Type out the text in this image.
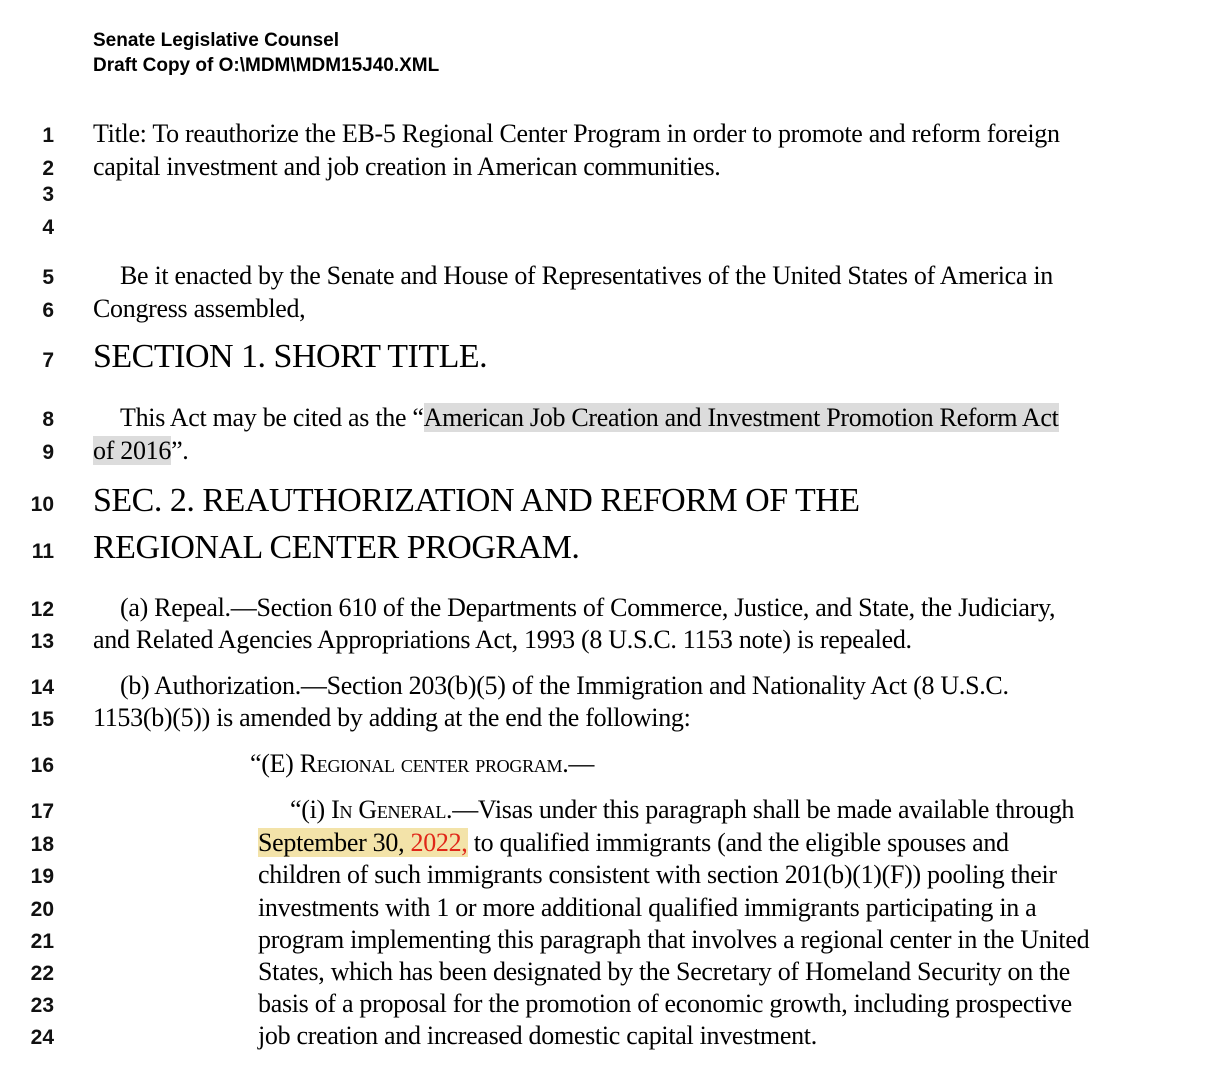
Senate Legislative Counsel
Draft Copy of O:\MDM\MDM15J40.XML
1 Title: To reauthorize the EB-5 Regional Center Program in order to promote and reform foreign
2 capital investment and job creation in American communities.
3
4
5	Be it enacted by the Senate and House of Representatives of the United States of America in
6 Congress assembled,
7 SECTION 1. SHORT TITLE.
8	This Act may be cited as the “American Job Creation and Investment Promotion Reform Act
9 of 2016”.
10 SEC. 2. REAUTHORIZATION AND REFORM OF THE
11 REGIONAL CENTER PROGRAM.
12	(a) Repeal.—Section 610 of the Departments of Commerce, Justice, and State, the Judiciary,
13 and Related Agencies Appropriations Act, 1993 (8 U.S.C. 1153 note) is repealed.
14	(b) Authorization.—Section 203(b)(5) of the Immigration and Nationality Act (8 U.S.C.
15 1153(b)(5)) is amended by adding at the end the following:
16	“(E) Regional center program.—
17	“(i) In General.—Visas under this paragraph shall be made available through
18	September 30, 2022, to qualified immigrants (and the eligible spouses and
19	children of such immigrants consistent with section 201(b)(1)(F)) pooling their
20	investments with 1 or more additional qualified immigrants participating in a
21	program implementing this paragraph that involves a regional center in the United
22	States, which has been designated by the Secretary of Homeland Security on the
23	basis of a proposal for the promotion of economic growth, including prospective
24	job creation and increased domestic capital investment.
